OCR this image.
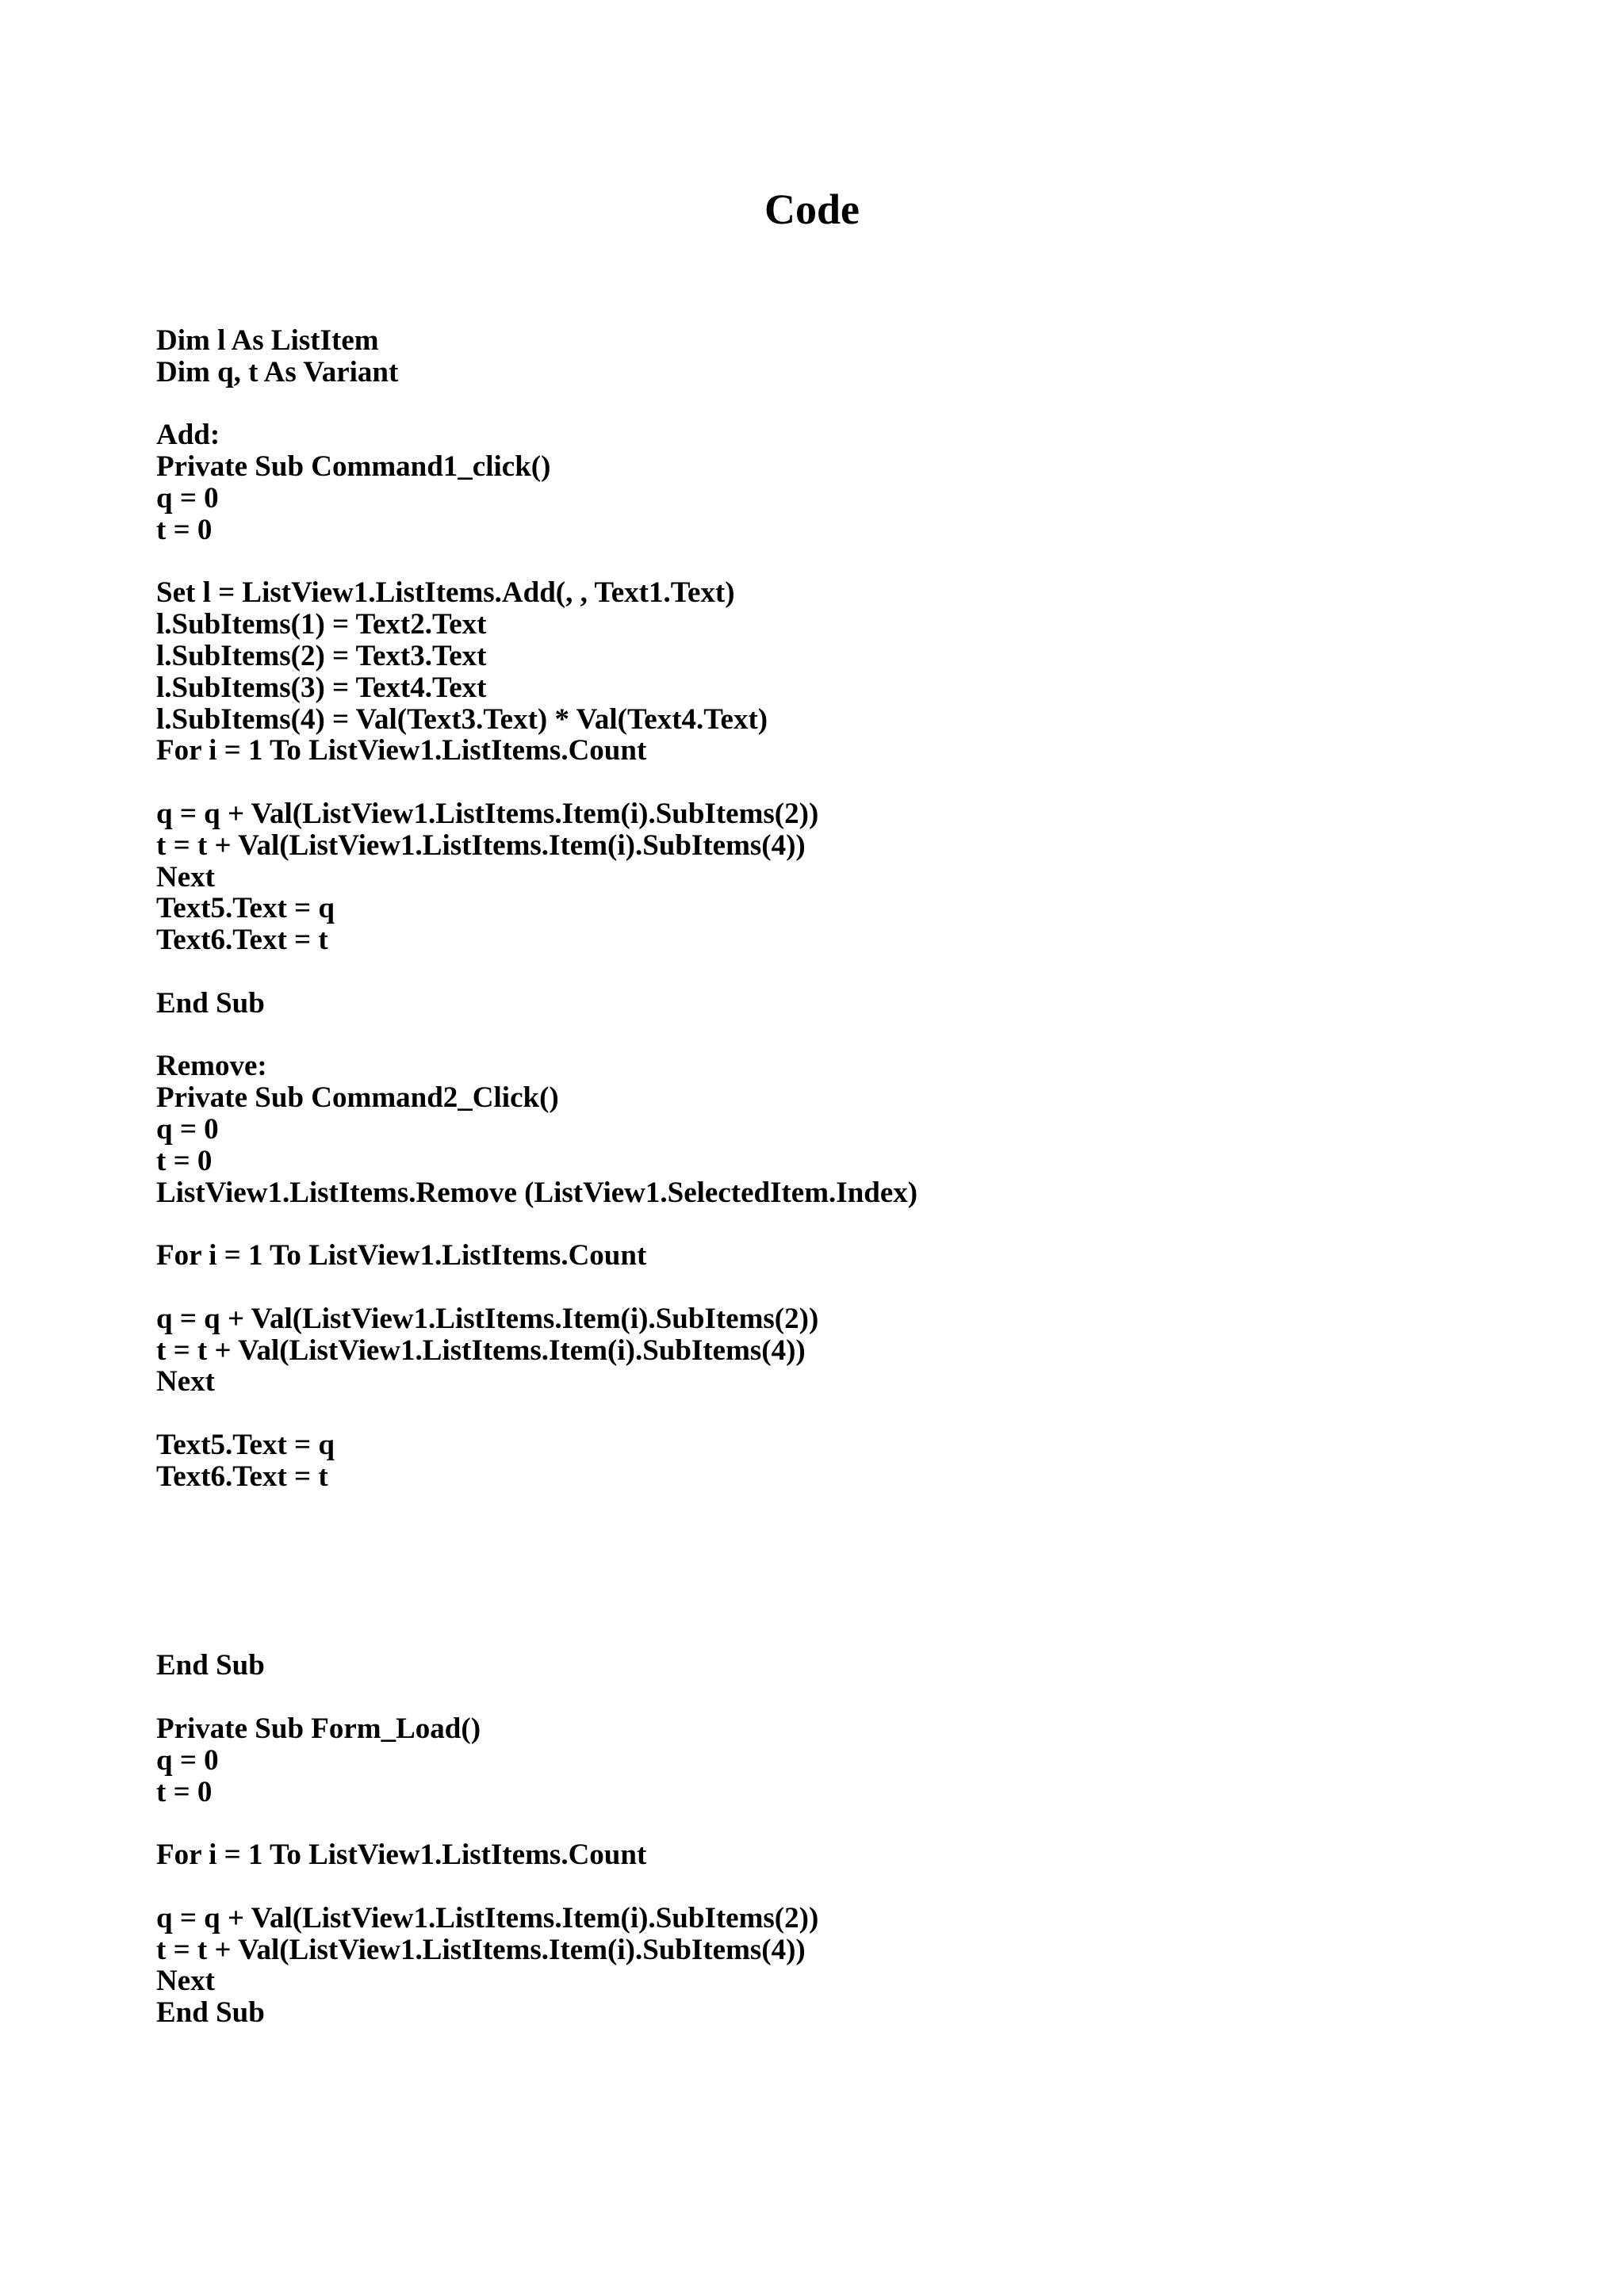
Code
Dim l As ListItem
Dim q, t As Variant
Add:
Private Sub Command1_click()
q = 0
t = 0
Set l = ListView1.ListItems.Add(, , Text1.Text)
l.SubItems(1) = Text2.Text
l.SubItems(2) = Text3.Text
l.SubItems(3) = Text4.Text
l.SubItems(4) = Val(Text3.Text) * Val(Text4.Text)
For i = 1 To ListView1.ListItems.Count
q = q + Val(ListView1.ListItems.Item(i).SubItems(2))
t = t + Val(ListView1.ListItems.Item(i).SubItems(4))
Next
Text5.Text = q
Text6.Text = t
End Sub
Remove:
Private Sub Command2_Click()
q = 0
t = 0
ListView1.ListItems.Remove (ListView1.SelectedItem.Index)
For i = 1 To ListView1.ListItems.Count
q = q + Val(ListView1.ListItems.Item(i).SubItems(2))
t = t + Val(ListView1.ListItems.Item(i).SubItems(4))
Next
Text5.Text = q
Text6.Text = t
End Sub
Private Sub Form_Load()
q = 0
t = 0
For i = 1 To ListView1.ListItems.Count
q = q + Val(ListView1.ListItems.Item(i).SubItems(2))
t = t + Val(ListView1.ListItems.Item(i).SubItems(4))
Next
End Sub
